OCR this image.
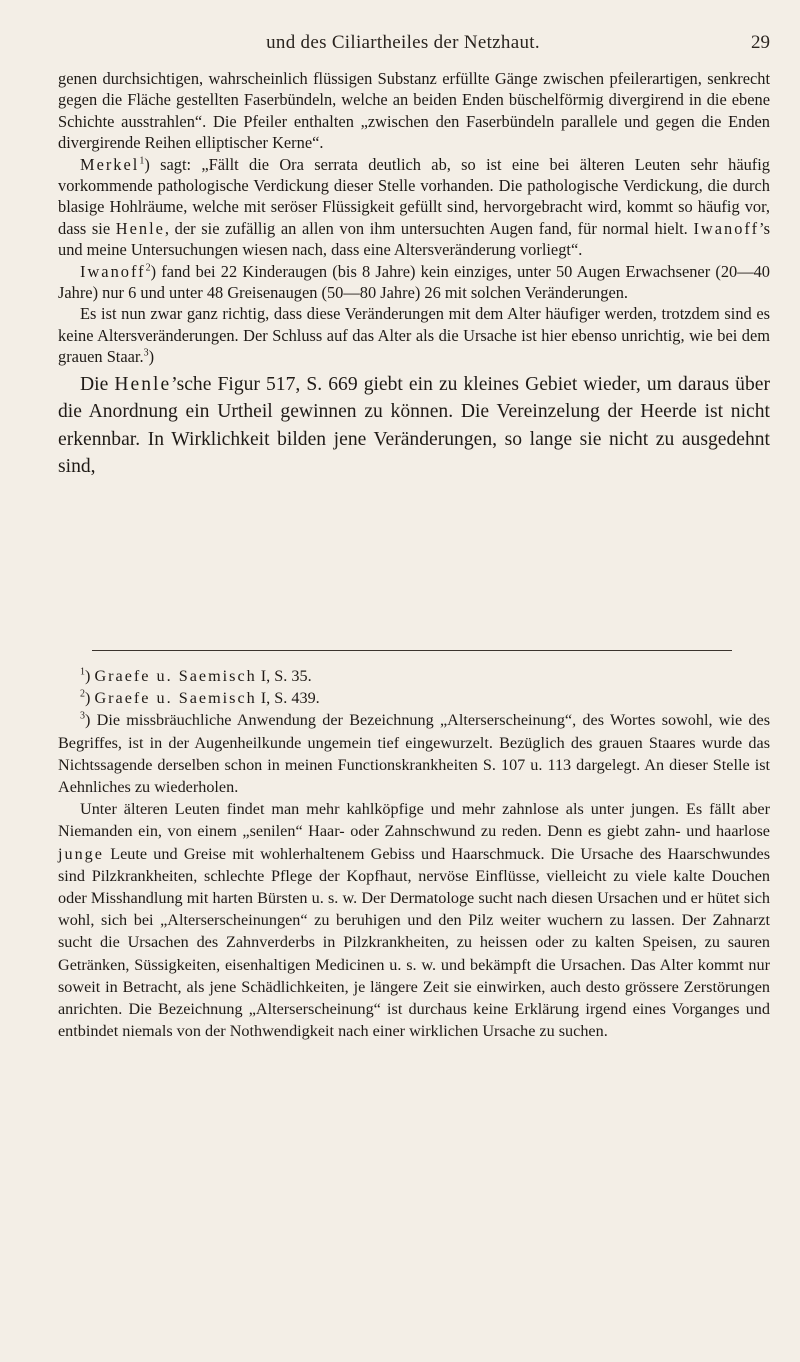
und des Ciliartheiles der Netzhaut.	29

genen durchsichtigen, wahrscheinlich flüssigen Substanz erfüllte Gänge zwischen pfeilerartigen, senkrecht gegen die Fläche gestellten Faserbündeln, welche an beiden Enden büschelförmig divergirend in die ebene Schichte ausstrahlen“. Die Pfeiler enthalten „zwischen den Faserbündeln parallele und gegen die Enden divergirende Reihen elliptischer Kerne“.

Merkel$^1$) sagt: „Fällt die Ora serrata deutlich ab, so ist eine bei älteren Leuten sehr häufig vorkommende pathologische Verdickung dieser Stelle vorhanden. Die pathologische Verdickung, die durch blasige Hohlräume, welche mit seröser Flüssigkeit gefüllt sind, hervorgebracht wird, kommt so häufig vor, dass sie Henle, der sie zufällig an allen von ihm untersuchten Augen fand, für normal hielt. Iwanoff’s und meine Untersuchungen wiesen nach, dass eine Altersveränderung vorliegt“.

Iwanoff$^2$) fand bei 22 Kinderaugen (bis 8 Jahre) kein einziges, unter 50 Augen Erwachsener (20—40 Jahre) nur 6 und unter 48 Greisenaugen (50—80 Jahre) 26 mit solchen Veränderungen.

Es ist nun zwar ganz richtig, dass diese Veränderungen mit dem Alter häufiger werden, trotzdem sind es keine Altersveränderungen. Der Schluss auf das Alter als die Ursache ist hier ebenso unrichtig, wie bei dem grauen Staar.$^3$)

Die Henle’sche Figur 517, S. 669 giebt ein zu kleines Gebiet wieder, um daraus über die Anordnung ein Urtheil gewinnen zu können. Die Vereinzelung der Heerde ist nicht erkennbar. In Wirklichkeit bilden jene Veränderungen, so lange sie nicht zu ausgedehnt sind,

$^1$) Graefe u. Saemisch I, S. 35.

$^2$) Graefe u. Saemisch I, S. 439.

$^3$) Die missbräuchliche Anwendung der Bezeichnung „Alterserscheinung“, des Wortes sowohl, wie des Begriffes, ist in der Augenheilkunde ungemein tief eingewurzelt. Bezüglich des grauen Staares wurde das Nichtssagende derselben schon in meinen Functionskrankheiten S. 107 u. 113 dargelegt. An dieser Stelle ist Aehnliches zu wiederholen.

Unter älteren Leuten findet man mehr kahlköpfige und mehr zahnlose als unter jungen. Es fällt aber Niemanden ein, von einem „senilen“ Haar- oder Zahnschwund zu reden. Denn es giebt zahn- und haarlose junge Leute und Greise mit wohlerhaltenem Gebiss und Haarschmuck. Die Ursache des Haarschwundes sind Pilzkrankheiten, schlechte Pflege der Kopfhaut, nervöse Einflüsse, vielleicht zu viele kalte Douchen oder Misshandlung mit harten Bürsten u. s. w. Der Dermatologe sucht nach diesen Ursachen und er hütet sich wohl, sich bei „Alterserscheinungen“ zu beruhigen und den Pilz weiter wuchern zu lassen. Der Zahnarzt sucht die Ursachen des Zahnverderbs in Pilzkrankheiten, zu heissen oder zu kalten Speisen, zu sauren Getränken, Süssigkeiten, eisenhaltigen Medicinen u. s. w. und bekämpft die Ursachen. Das Alter kommt nur soweit in Betracht, als jene Schädlichkeiten, je längere Zeit sie einwirken, auch desto grössere Zerstörungen anrichten. Die Bezeichnung „Alterserscheinung“ ist durchaus keine Erklärung irgend eines Vorganges und entbindet niemals von der Nothwendigkeit nach einer wirklichen Ursache zu suchen.
